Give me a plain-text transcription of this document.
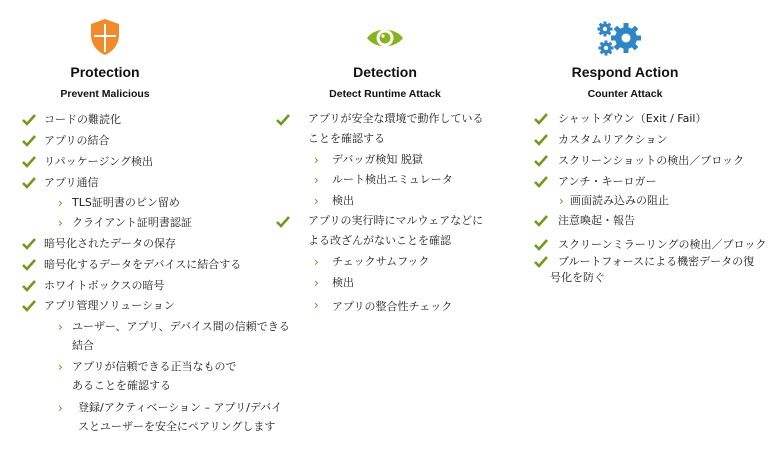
Protection
Prevent Malicious
コードの難読化
アプリの結合
リパッケージング検出
アプリ通信
› TLS証明書のピン留め
› クライアント証明書認証
暗号化されたデータの保存
暗号化するデータをデバイスに結合する
ホワイトボックスの暗号
アプリ管理ソリューション
› ユーザー、アプリ、デバイス間の信頼できる
結合
› アプリが信頼できる正当なもので
あることを確認する
› 登録/アクティベーション – アプリ/デバイ
スとユーザーを安全にペアリングします
Detection
Detect Runtime Attack
アプリが安全な環境で動作している
ことを確認する
› デバッガ検知 脱獄
› ルート検出エミュレータ
› 検出
アプリの実行時にマルウェアなどに
よる改ざんがないことを確認
› チェックサムフック
› 検出
› アプリの整合性チェック
Respond Action
Counter Attack
シャットダウン（Exit / Fail）
カスタムリアクション
スクリーンショットの検出／ブロック
アンチ・キーロガー
› 画面読み込みの阻止
注意喚起・報告
スクリーンミラーリングの検出／ブロック
ブルートフォースによる機密データの復
号化を防ぐ
